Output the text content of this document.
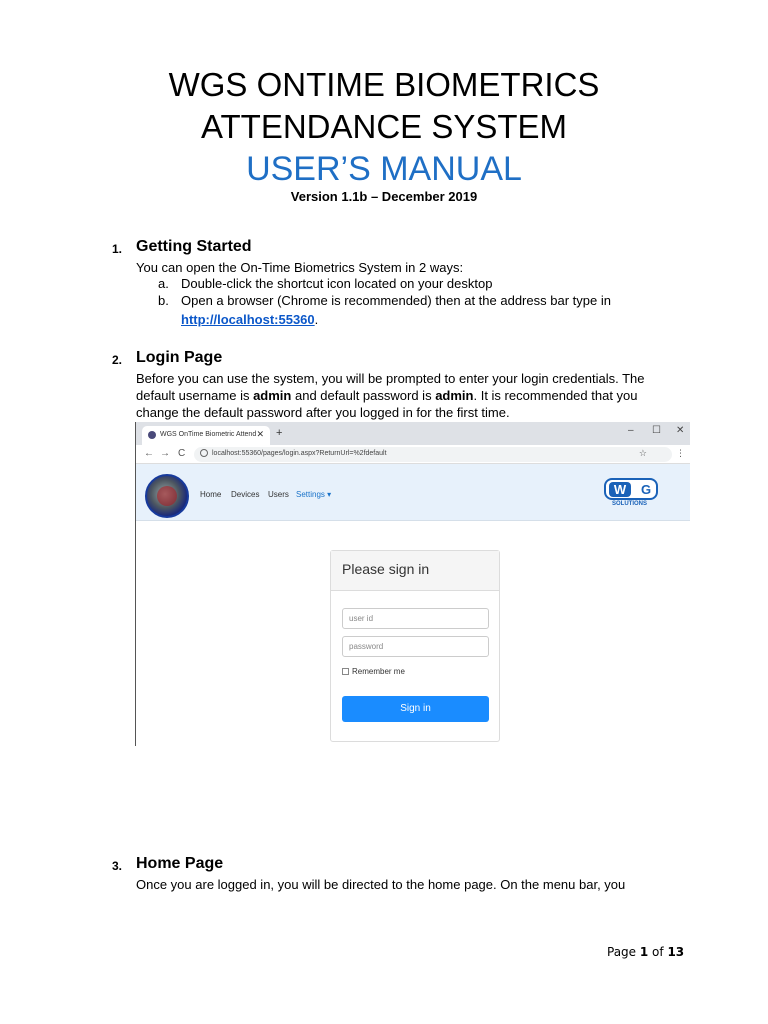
WGS ONTIME BIOMETRICS
ATTENDANCE SYSTEM
USER’S MANUAL
Version 1.1b – December 2019
1. Getting Started
You can open the On-Time Biometrics System in 2 ways:
a. Double-click the shortcut icon located on your desktop
b. Open a browser (Chrome is recommended) then at the address bar type in
http://localhost:55360.
2. Login Page
Before you can use the system, you will be prompted to enter your login credentials. The
default username is admin and default password is admin. It is recommended that you
change the default password after you logged in for the first time.
WGS OnTime Biometric Attend ✕ +	– ☐ ✕
← → C	localhost:55360/pages/login.aspx?ReturnUrl=%2fdefault	☆	⋮
Home Devices Users Settings ▾	W	G
SOLUTIONS
Please sign in
user id
password
Remember me
Sign in
3. Home Page
Once you are logged in, you will be directed to the home page. On the menu bar, you
Page 1 of 13
